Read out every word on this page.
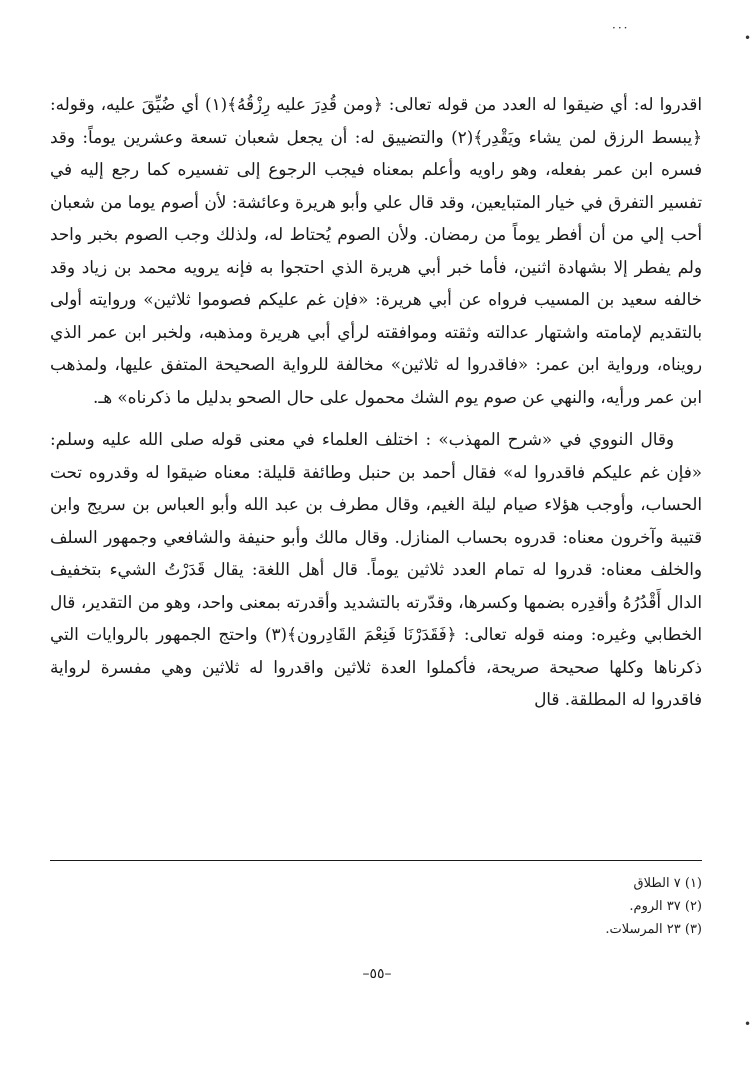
···
•
•

اقدروا له: أي ضيقوا له العدد من قوله تعالى: ﴿ومن قُدِرَ عليه رِزْقُهُ﴾(١) أي ضُيِّقَ عليه، وقوله: ﴿يبسط الرزق لمن يشاء ويَقْدِر﴾(٢) والتضييق له: أن يجعل شعبان تسعة وعشرين يوماً: وقد فسره ابن عمر بفعله، وهو راويه وأعلم بمعناه فيجب الرجوع إلى تفسيره كما رجع إليه في تفسير التفرق في خيار المتبايعين، وقد قال علي وأبو هريرة وعائشة: لأن أصوم يوما من شعبان أحب إلي من أن أفطر يوماً من رمضان. ولأن الصوم يُحتاط له، ولذلك وجب الصوم بخبر واحد ولم يفطر إلا بشهادة اثنين، فأما خبر أبي هريرة الذي احتجوا به فإنه يرويه محمد بن زياد وقد خالفه سعيد بن المسيب فرواه عن أبي هريرة: «فإن غم عليكم فصوموا ثلاثين» وروايته أولى بالتقديم لإمامته واشتهار عدالته وثقته وموافقته لرأي أبي هريرة ومذهبه، ولخبر ابن عمر الذي رويناه، ورواية ابن عمر: «فاقدروا له ثلاثين» مخالفة للرواية الصحيحة المتفق عليها، ولمذهب ابن عمر ورأيه، والنهي عن صوم يوم الشك محمول على حال الصحو بدليل ما ذكرناه» هـ.

وقال النووي في «شرح المهذب» : اختلف العلماء في معنى قوله صلى الله عليه وسلم: «فإن غم عليكم فاقدروا له» فقال أحمد بن حنبل وطائفة قليلة: معناه ضيقوا له وقدروه تحت الحساب، وأوجب هؤلاء صيام ليلة الغيم، وقال مطرف بن عبد الله وأبو العباس بن سريج وابن قتيبة وآخرون معناه: قدروه بحساب المنازل. وقال مالك وأبو حنيفة والشافعي وجمهور السلف والخلف معناه: قدروا له تمام العدد ثلاثين يوماً. قال أهل اللغة: يقال قَدَرْتُ الشيء بتخفيف الدال أَقْدُرُهُ وأقدِره بضمها وكسرها، وقدّرته بالتشديد وأقدرته بمعنى واحد، وهو من التقدير، قال الخطابي وغيره: ومنه قوله تعالى: ﴿فَقَدَرْنَا فَنِعْمَ القَادِرون﴾(٣) واحتج الجمهور بالروايات التي ذكرناها وكلها صحيحة صريحة، فأكملوا العدة ثلاثين واقدروا له ثلاثين وهي مفسرة لرواية فاقدروا له المطلقة. قال

(١) ٧ الطلاق
(٢) ٣٧ الروم.
(٣) ٢٣ المرسلات.
–٥٥–
